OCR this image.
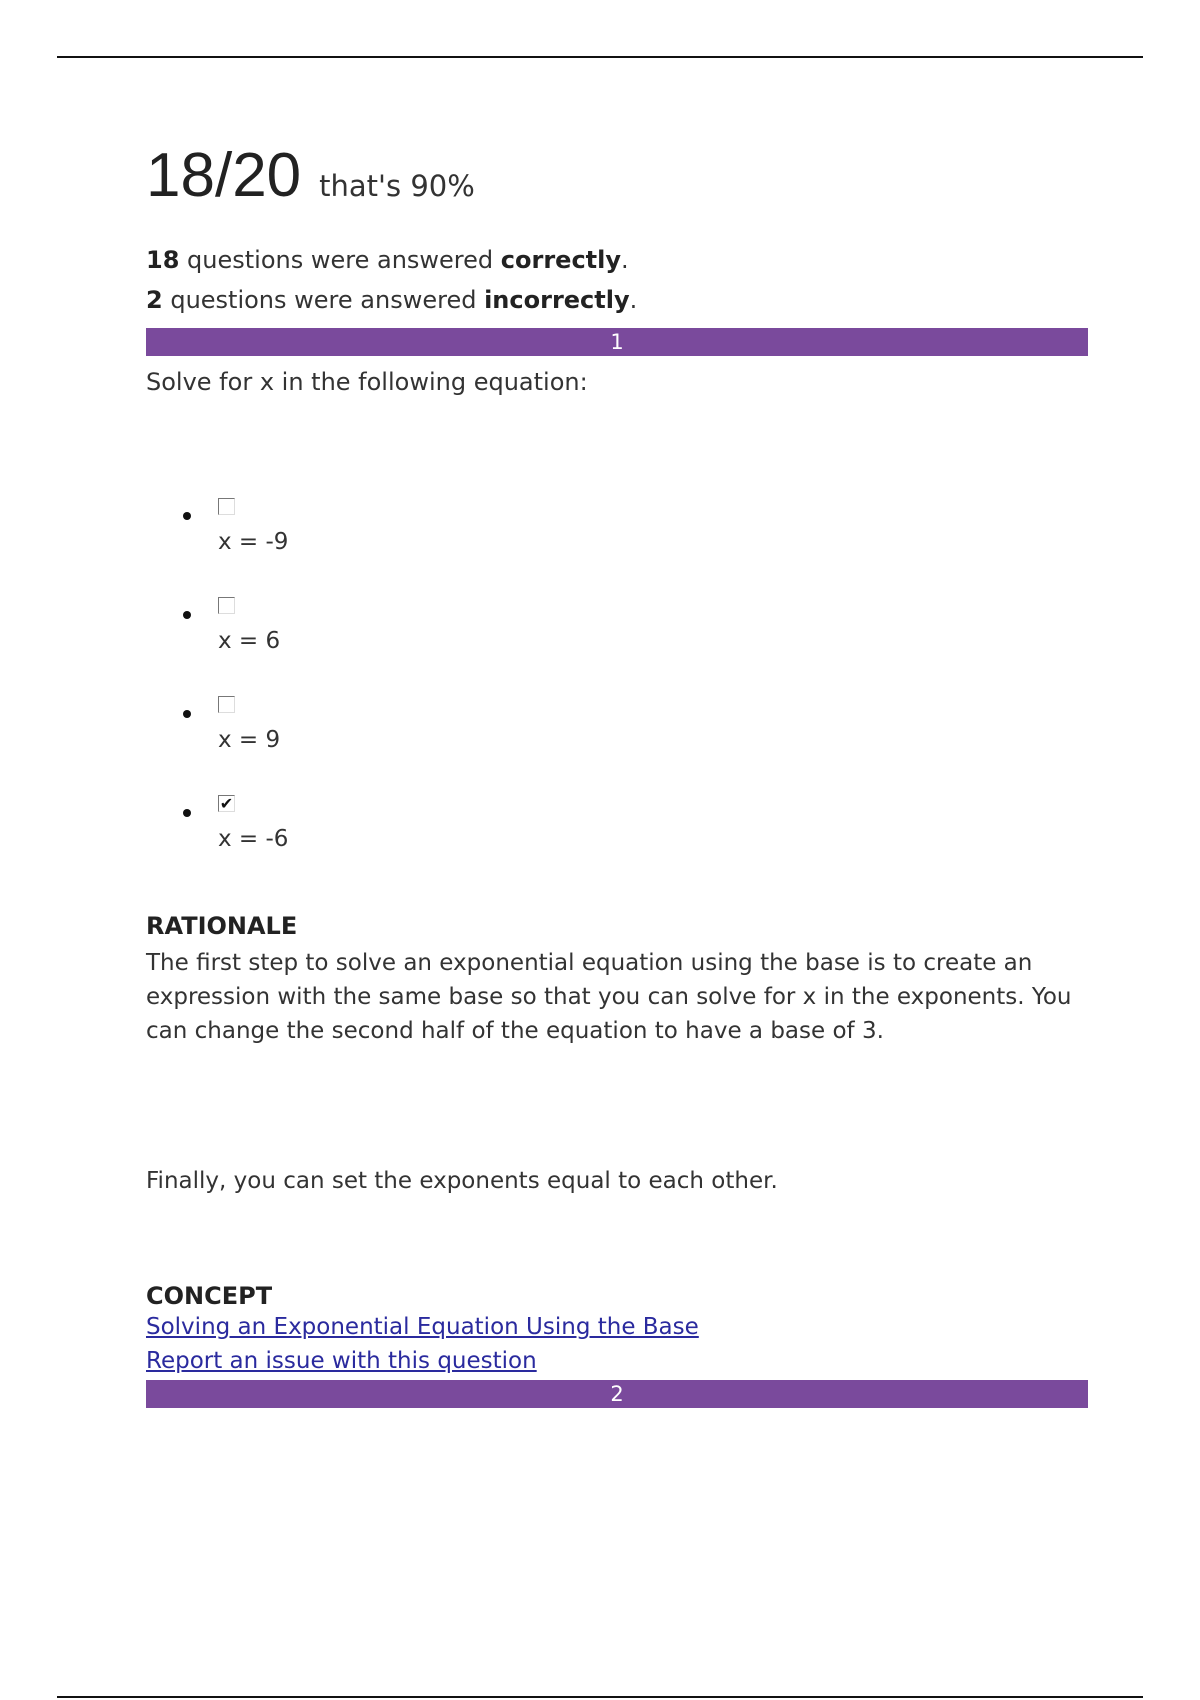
18/20 that's 90%
18 questions were answered correctly.
2 questions were answered incorrectly.
1
Solve for x in the following equation:
x = -9
x = 6
x = 9
✔
x = -6
RATIONALE
The first step to solve an exponential equation using the base is to create an expression with the same base so that you can solve for x in the exponents. You can change the second half of the equation to have a base of 3.
Finally, you can set the exponents equal to each other.
CONCEPT
Solving an Exponential Equation Using the Base
Report an issue with this question
2
